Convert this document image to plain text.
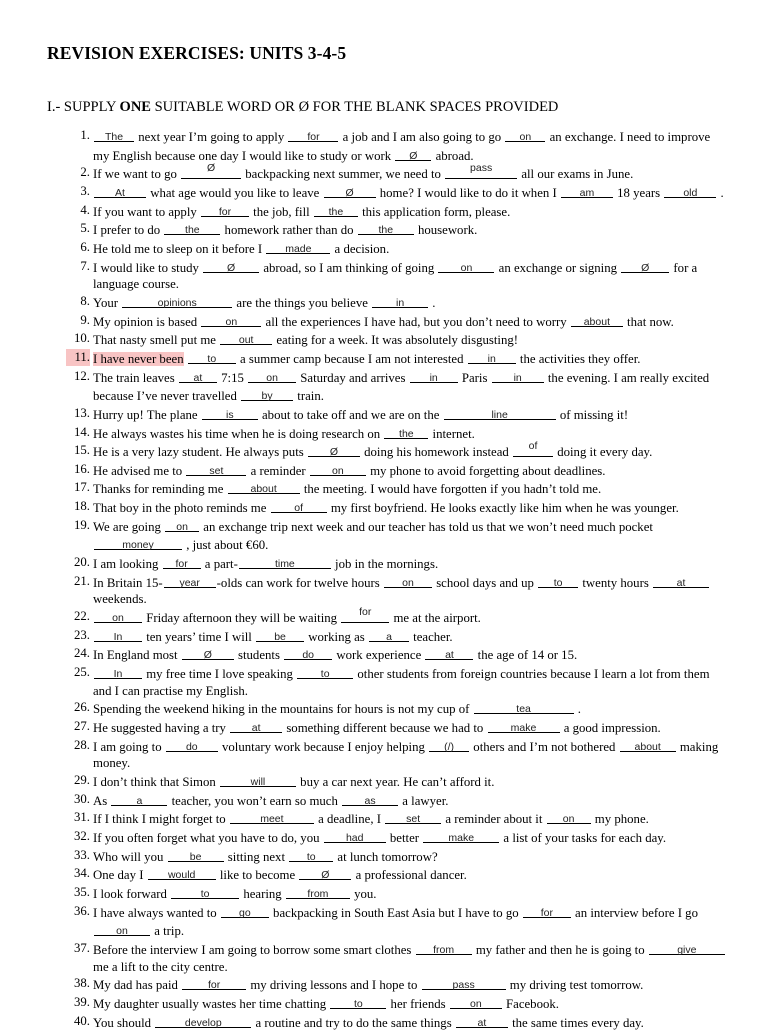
REVISION EXERCISES: UNITS 3-4-5
I.- SUPPLY ONE SUITABLE WORD OR Ø FOR THE BLANK SPACES PROVIDED
1.	The next year I’m going to apply	for	a job and I am also going to go	on	an exchange. I need to improve my English because one day I would like to study or work	Ø	abroad.
2. If we want to go	Ø	backpacking next summer, we need to	pass	all our exams in June.
3.	At	what age would you like to leave	Ø	home? I would like to do it when I	am	18 years	old	.
4. If you want to apply	for	the job, fill	the	this application form, please.
5. I prefer to do	the	homework rather than do	the	housework.
6. He told me to sleep on it before I	made	a decision.
7. I would like to study	Ø	abroad, so I am thinking of going	on	an exchange or signing	Ø	for a language course.
8. Your	opinions	are the things you believe	in	.
9. My opinion is based	on	all the experiences I have had, but you don’t need to worry	about	that now.
10. That nasty smell put me	out	eating for a week. It was absolutely disgusting!
11. I have never been	to	a summer camp because I am not interested	in	the activities they offer.
12. The train leaves	at	7:15	on	Saturday and arrives	in	Paris	in	the evening. I am really excited because I’ve never travelled	by	train.
13. Hurry up! The plane	is	about to take off and we are on the	line	of missing it!
14. He always wastes his time when he is doing research on	the	internet.
15. He is a very lazy student. He always puts	Ø	doing his homework instead	of	doing it every day.
16. He advised me to	set	a reminder	on	my phone to avoid forgetting about deadlines.
17. Thanks for reminding me	about	the meeting. I would have forgotten if you hadn’t told me.
18. That boy in the photo reminds me	of	my first boyfriend. He looks exactly like him when he was younger.
19. We are going	on an exchange trip next week and our teacher has told us that we won’t need much pocket
money	, just about €60.
20. I am looking	for	a part-	time	job in the mornings.
21. In Britain 15-	year	-olds can work for twelve hours	on	school days and up	to	twenty hours	at
weekends.
22.	on	Friday afternoon they will be waiting	for	me at the airport.
23.	In	ten years’ time I will	be	working as	a	teacher.
24. In England most	Ø	students	do	work experience	at	the age of 14 or 15.
25.	In	my free time I love speaking	to	other students from foreign countries because I learn a lot from them and I can practise my English.
26. Spending the weekend hiking in the mountains for hours is not my cup of	tea	.
27. He suggested having a try	at	something different because we had to	make	a good impression.
28. I am going to	do	voluntary work because I enjoy helping	(/)	others and I’m not bothered	about	making money.
29. I don’t think that Simon	will	buy a car next year. He can’t afford it.
30. As	a	teacher, you won’t earn so much	as	a lawyer.
31. If I think I might forget to	meet	a deadline, I	set	a reminder about it	on	my phone.
32. If you often forget what you have to do, you	had	better	make	a list of your tasks for each day.
33. Who will you	be	sitting next	to	at lunch tomorrow?
34. One day I	would	like to become	Ø	a professional dancer.
35. I look forward	to	hearing	from	you.
36. I have always wanted to	go	backpacking in South East Asia but I have to go	for	an interview before I go
on	a trip.
37. Before the interview I am going to borrow some smart clothes	from	my father and then he is going to	give
me a lift to the city centre.
38. My dad has paid	for	my driving lessons and I hope to	pass	my driving test tomorrow.
39. My daughter usually wastes her time chatting	to	her friends	on	Facebook.
40. You should	develop	a routine and try to do the same things	at	the same times every day.
